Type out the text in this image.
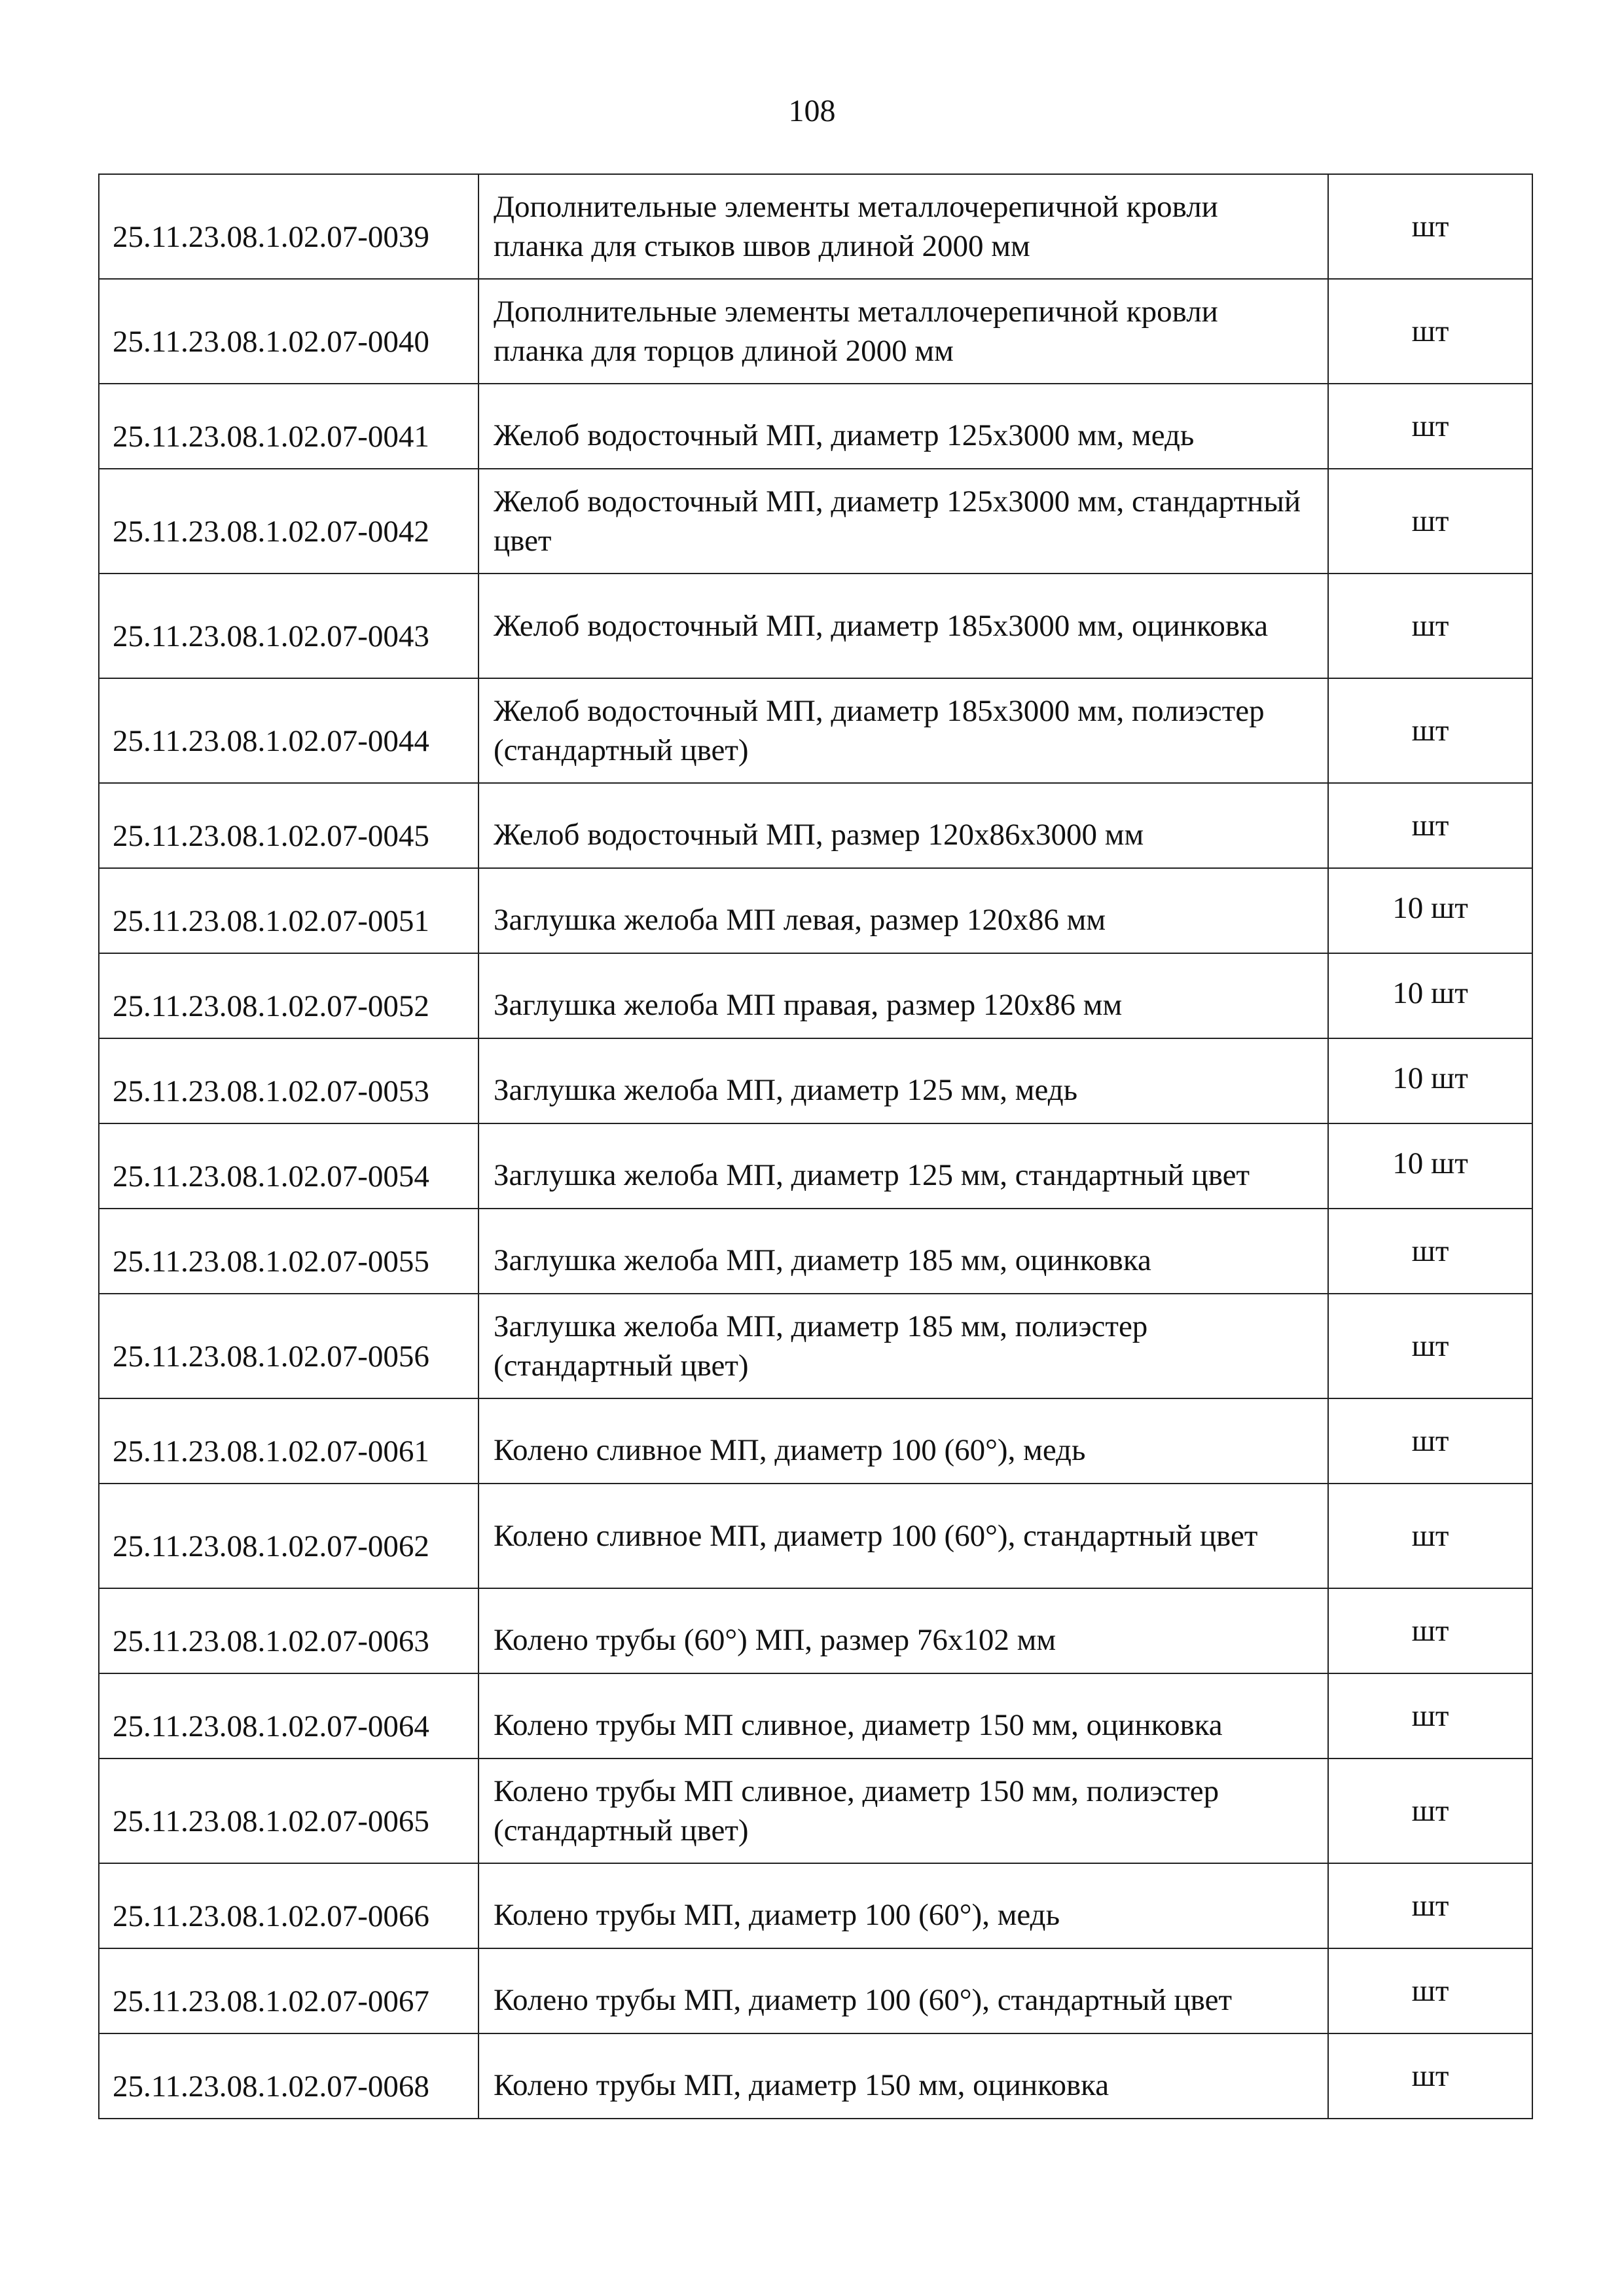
108
25.11.23.08.1.02.07-0039	Дополнительные элементы металлочерепичной кровли планка для стыков швов длиной 2000 мм	шт
25.11.23.08.1.02.07-0040	Дополнительные элементы металлочерепичной кровли планка для торцов длиной 2000 мм	шт
25.11.23.08.1.02.07-0041	Желоб водосточный МП, диаметр 125х3000 мм, медь	шт
25.11.23.08.1.02.07-0042	Желоб водосточный МП, диаметр 125х3000 мм, стандартный цвет	шт
25.11.23.08.1.02.07-0043	Желоб водосточный МП, диаметр 185х3000 мм, оцинковка	шт
25.11.23.08.1.02.07-0044	Желоб водосточный МП, диаметр 185х3000 мм, полиэстер (стандартный цвет)	шт
25.11.23.08.1.02.07-0045	Желоб водосточный МП, размер 120х86х3000 мм	шт
25.11.23.08.1.02.07-0051	Заглушка желоба МП левая, размер 120х86 мм	10 шт
25.11.23.08.1.02.07-0052	Заглушка желоба МП правая, размер 120х86 мм	10 шт
25.11.23.08.1.02.07-0053	Заглушка желоба МП, диаметр 125 мм, медь	10 шт
25.11.23.08.1.02.07-0054	Заглушка желоба МП, диаметр 125 мм, стандартный цвет	10 шт
25.11.23.08.1.02.07-0055	Заглушка желоба МП, диаметр 185 мм, оцинковка	шт
25.11.23.08.1.02.07-0056	Заглушка желоба МП, диаметр 185 мм, полиэстер (стандартный цвет)	шт
25.11.23.08.1.02.07-0061	Колено сливное МП, диаметр 100 (60°), медь	шт
25.11.23.08.1.02.07-0062	Колено сливное МП, диаметр 100 (60°), стандартный цвет	шт
25.11.23.08.1.02.07-0063	Колено трубы (60°) МП, размер 76х102 мм	шт
25.11.23.08.1.02.07-0064	Колено трубы МП сливное, диаметр 150 мм, оцинковка	шт
25.11.23.08.1.02.07-0065	Колено трубы МП сливное, диаметр 150 мм, полиэстер (стандартный цвет)	шт
25.11.23.08.1.02.07-0066	Колено трубы МП, диаметр 100 (60°), медь	шт
25.11.23.08.1.02.07-0067	Колено трубы МП, диаметр 100 (60°), стандартный цвет	шт
25.11.23.08.1.02.07-0068	Колено трубы МП, диаметр 150 мм, оцинковка	шт
